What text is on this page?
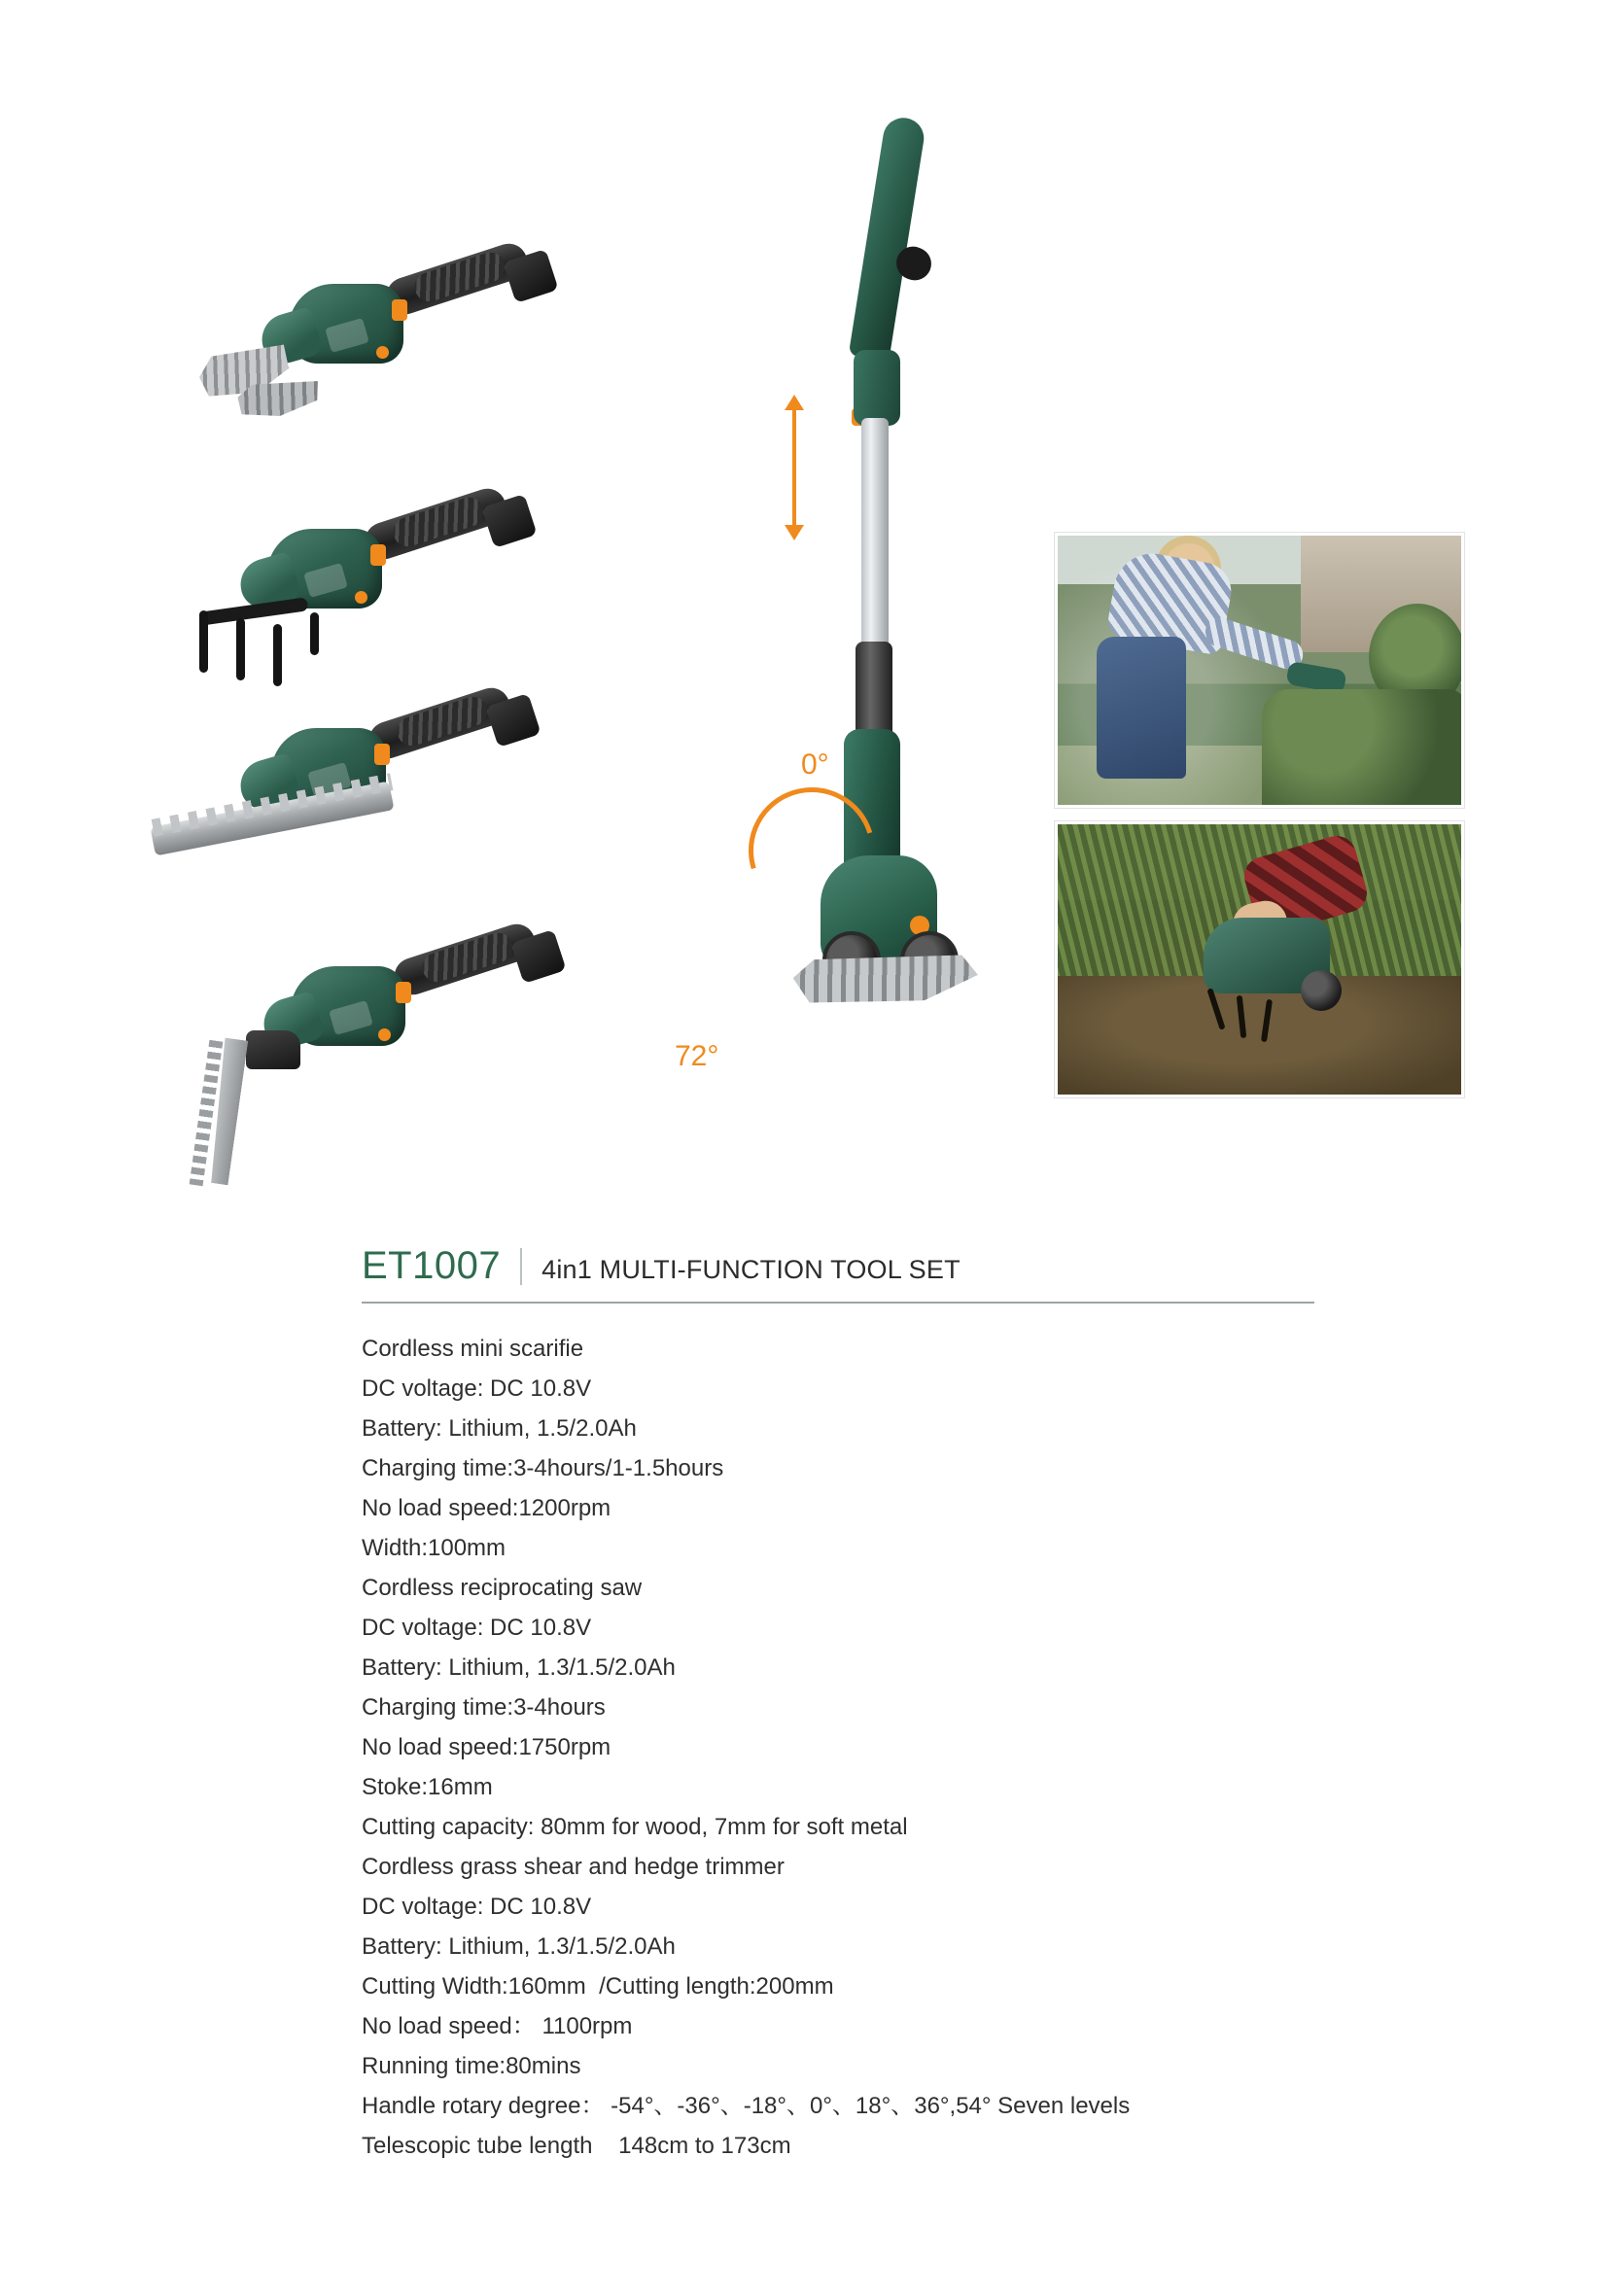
72°
0°
ET1007 4in1 MULTI-FUNCTION TOOL SET
Cordless mini scarifie
DC voltage: DC 10.8V
Battery: Lithium, 1.5/2.0Ah
Charging time:3-4hours/1-1.5hours
No load speed:1200rpm
Width:100mm
Cordless reciprocating saw
DC voltage: DC 10.8V
Battery: Lithium, 1.3/1.5/2.0Ah
Charging time:3-4hours
No load speed:1750rpm
Stoke:16mm
Cutting capacity: 80mm for wood, 7mm for soft metal
Cordless grass shear and hedge trimmer
DC voltage: DC 10.8V
Battery: Lithium, 1.3/1.5/2.0Ah
Cutting Width:160mm  /Cutting length:200mm
No load speed： 1100rpm
Running time:80mins
Handle rotary degree： -54°、-36°、-18°、0°、18°、36°,54° Seven levels
Telescopic tube length    148cm to 173cm
